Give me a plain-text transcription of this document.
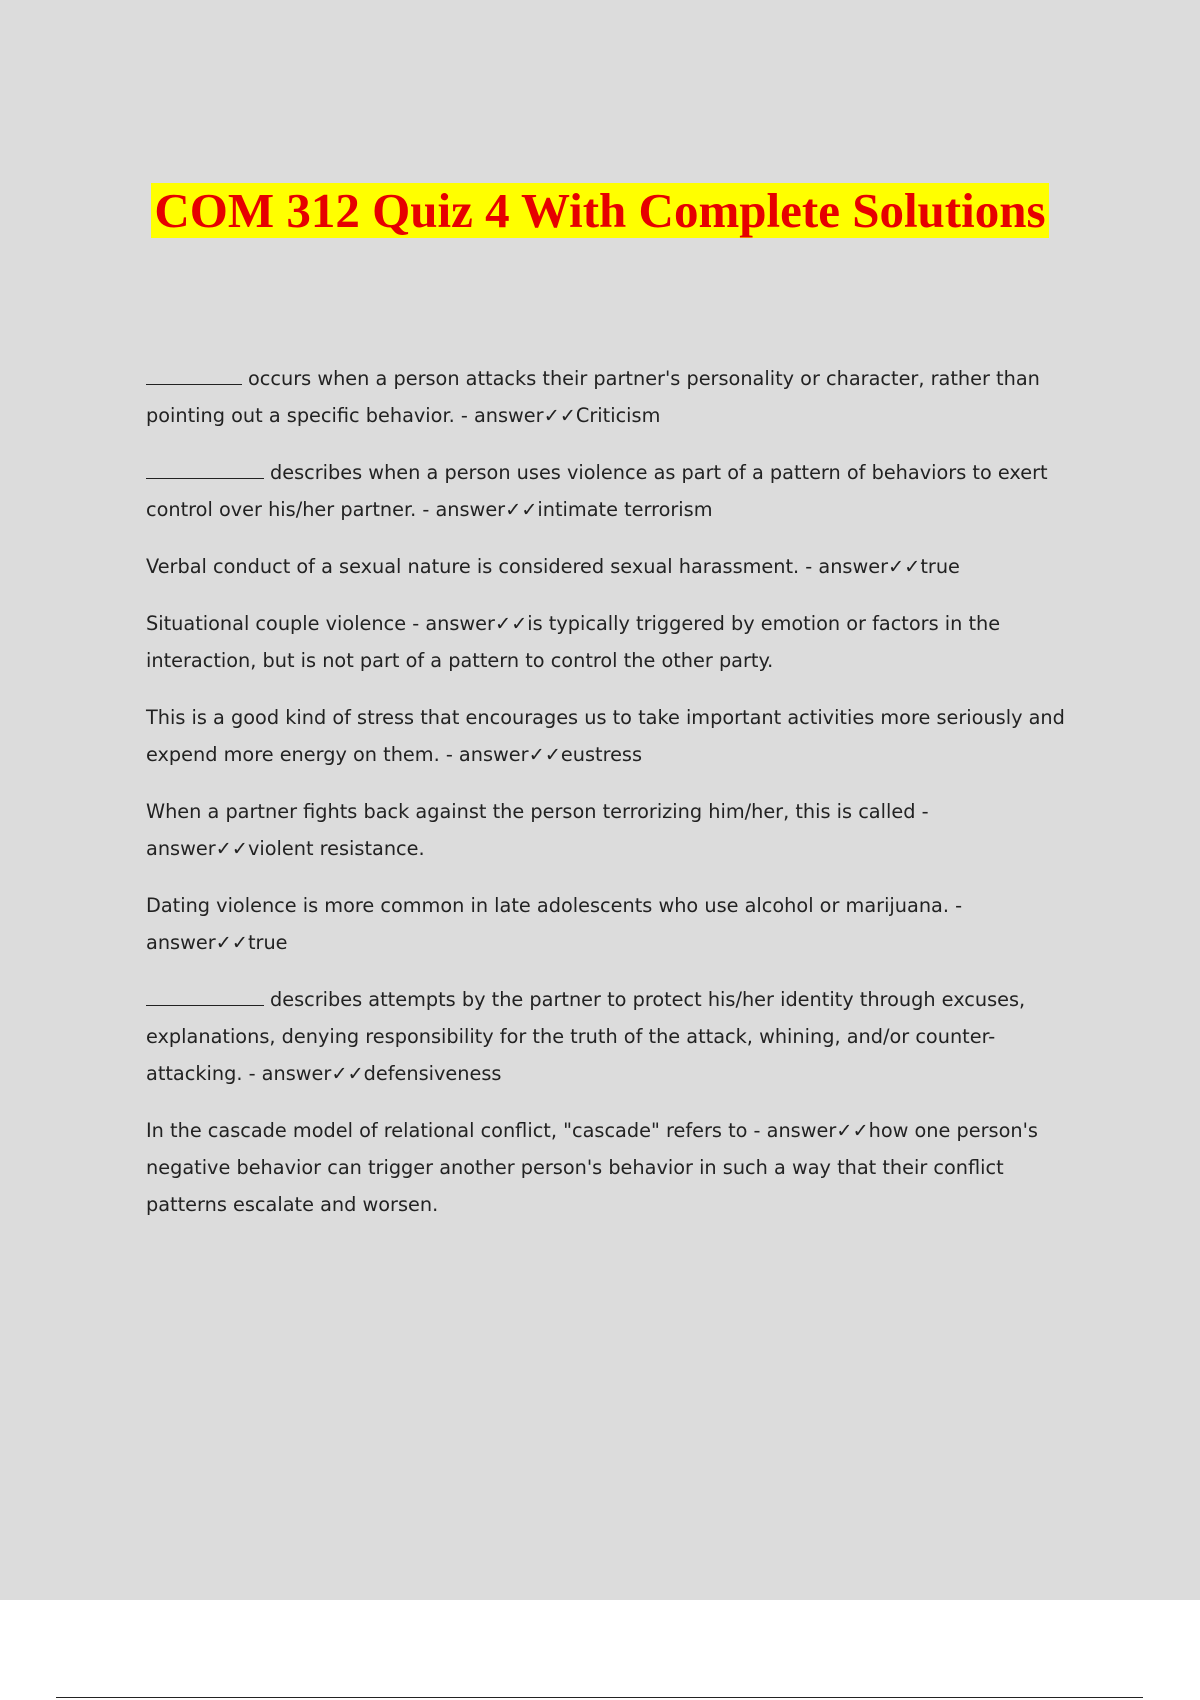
COM 312 Quiz 4 With Complete Solutions

occurs when a person attacks their partner's personality or character, rather than pointing out a specific behavior. - answer✓✓Criticism

describes when a person uses violence as part of a pattern of behaviors to exert control over his/her partner. - answer✓✓intimate terrorism

Verbal conduct of a sexual nature is considered sexual harassment. - answer✓✓true

Situational couple violence - answer✓✓is typically triggered by emotion or factors in the interaction, but is not part of a pattern to control the other party.

This is a good kind of stress that encourages us to take important activities more seriously and expend more energy on them. - answer✓✓eustress

When a partner fights back against the person terrorizing him/her, this is called - answer✓✓violent resistance.

Dating violence is more common in late adolescents who use alcohol or marijuana. - answer✓✓true

describes attempts by the partner to protect his/her identity through excuses, explanations, denying responsibility for the truth of the attack, whining, and/or counter-attacking. - answer✓✓defensiveness

In the cascade model of relational conflict, "cascade" refers to - answer✓✓how one person's negative behavior can trigger another person's behavior in such a way that their conflict patterns escalate and worsen.
